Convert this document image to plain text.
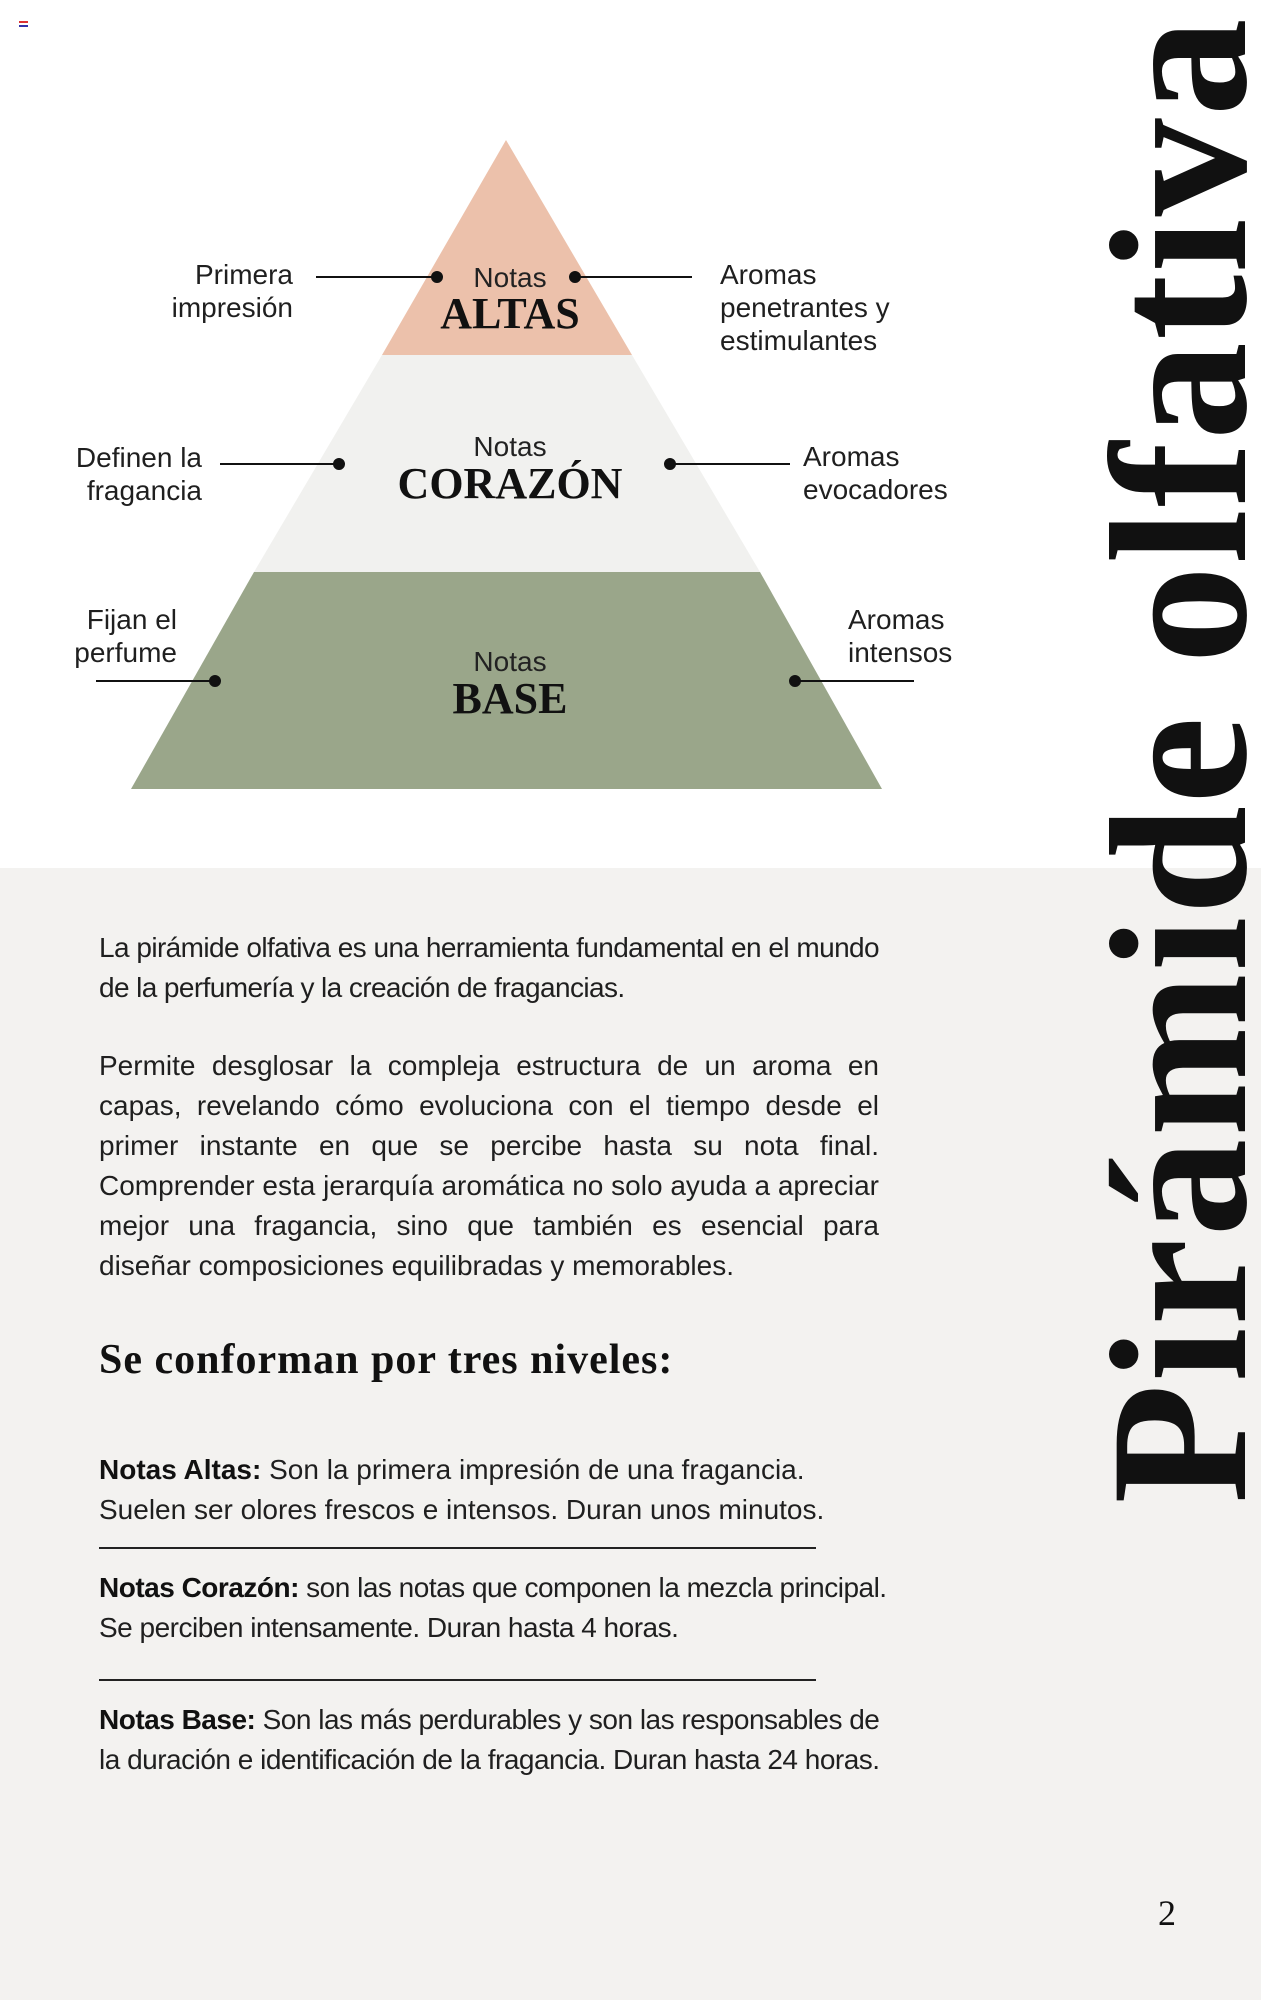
Notas
ALTAS
Notas
CORAZÓN
Notas
BASE
Primera
impresión
Aromas
penetrantes y
estimulantes
Definen la
fragancia
Aromas
evocadores
Fijan el
perfume
Aromas
intensos Pirámide olfativa

La pirámide olfativa es una herramienta fundamental en el mundo de la perfumería y la creación de fragancias.

Permite desglosar la compleja estructura de un aroma en capas, revelando cómo evoluciona con el tiempo desde el primer instante en que se percibe hasta su nota final. Comprender esta jerarquía aromática no solo ayuda a apreciar mejor una fragancia, sino que también es esencial para diseñar composiciones equilibradas y memorables.

Se conforman por tres niveles:
Notas Altas: Son la primera impresión de una fragancia. Suelen ser olores frescos e intensos. Duran unos minutos.
Notas Corazón: son las notas que componen la mezcla principal. Se perciben intensamente. Duran hasta 4 horas.
Notas Base: Son las más perdurables y son las responsables de la duración e identificación de la fragancia. Duran hasta 24 horas.
2
